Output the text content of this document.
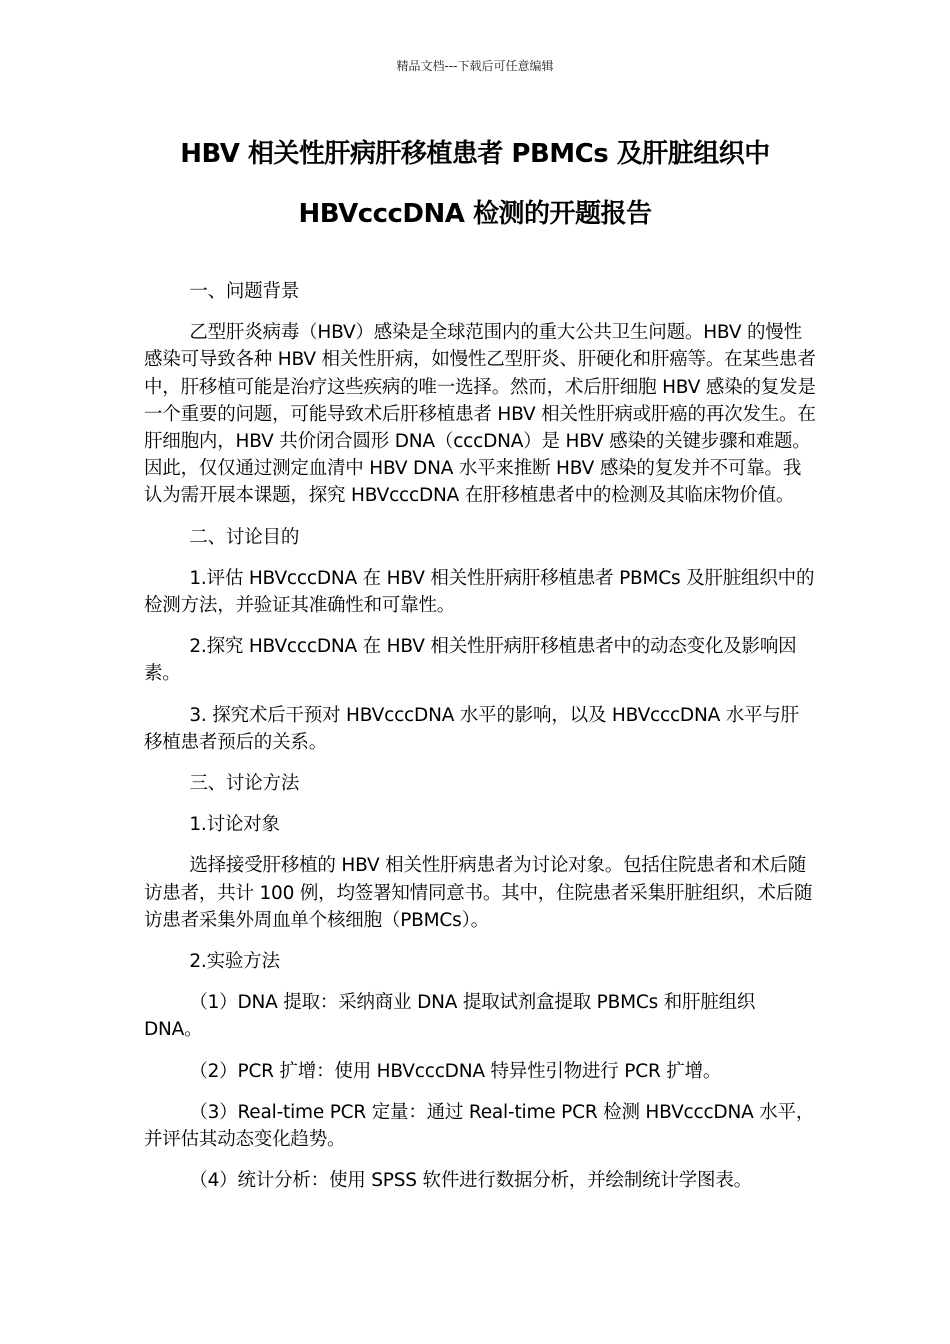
精品文档---下载后可任意编辑
HBV 相关性肝病肝移植患者 PBMCs 及肝脏组织中
HBVcccDNA 检测的开题报告

一、问题背景

乙型肝炎病毒（HBV）感染是全球范围内的重大公共卫生问题。HBV 的慢性感染可导致各种 HBV 相关性肝病，如慢性乙型肝炎、肝硬化和肝癌等。在某些患者中，肝移植可能是治疗这些疾病的唯一选择。然而，术后肝细胞 HBV 感染的复发是一个重要的问题，可能导致术后肝移植患者 HBV 相关性肝病或肝癌的再次发生。在肝细胞内，HBV 共价闭合圆形 DNA（cccDNA）是 HBV 感染的关键步骤和难题。因此，仅仅通过测定血清中 HBV DNA 水平来推断 HBV 感染的复发并不可靠。我认为需开展本课题，探究 HBVcccDNA 在肝移植患者中的检测及其临床物价值。

二、讨论目的

1.评估 HBVcccDNA 在 HBV 相关性肝病肝移植患者 PBMCs 及肝脏组织中的检测方法，并验证其准确性和可靠性。

2.探究 HBVcccDNA 在 HBV 相关性肝病肝移植患者中的动态变化及影响因素。

3. 探究术后干预对 HBVcccDNA 水平的影响，以及 HBVcccDNA 水平与肝移植患者预后的关系。

三、讨论方法

1.讨论对象

选择接受肝移植的 HBV 相关性肝病患者为讨论对象。包括住院患者和术后随访患者，共计 100 例，均签署知情同意书。其中，住院患者采集肝脏组织，术后随访患者采集外周血单个核细胞（PBMCs）。

2.实验方法

（1）DNA 提取：采纳商业 DNA 提取试剂盒提取 PBMCs 和肝脏组织 DNA。

（2）PCR 扩增：使用 HBVcccDNA 特异性引物进行 PCR 扩增。

（3）Real-time PCR 定量：通过 Real-time PCR 检测 HBVcccDNA 水平，并评估其动态变化趋势。

（4）统计分析：使用 SPSS 软件进行数据分析，并绘制统计学图表。
